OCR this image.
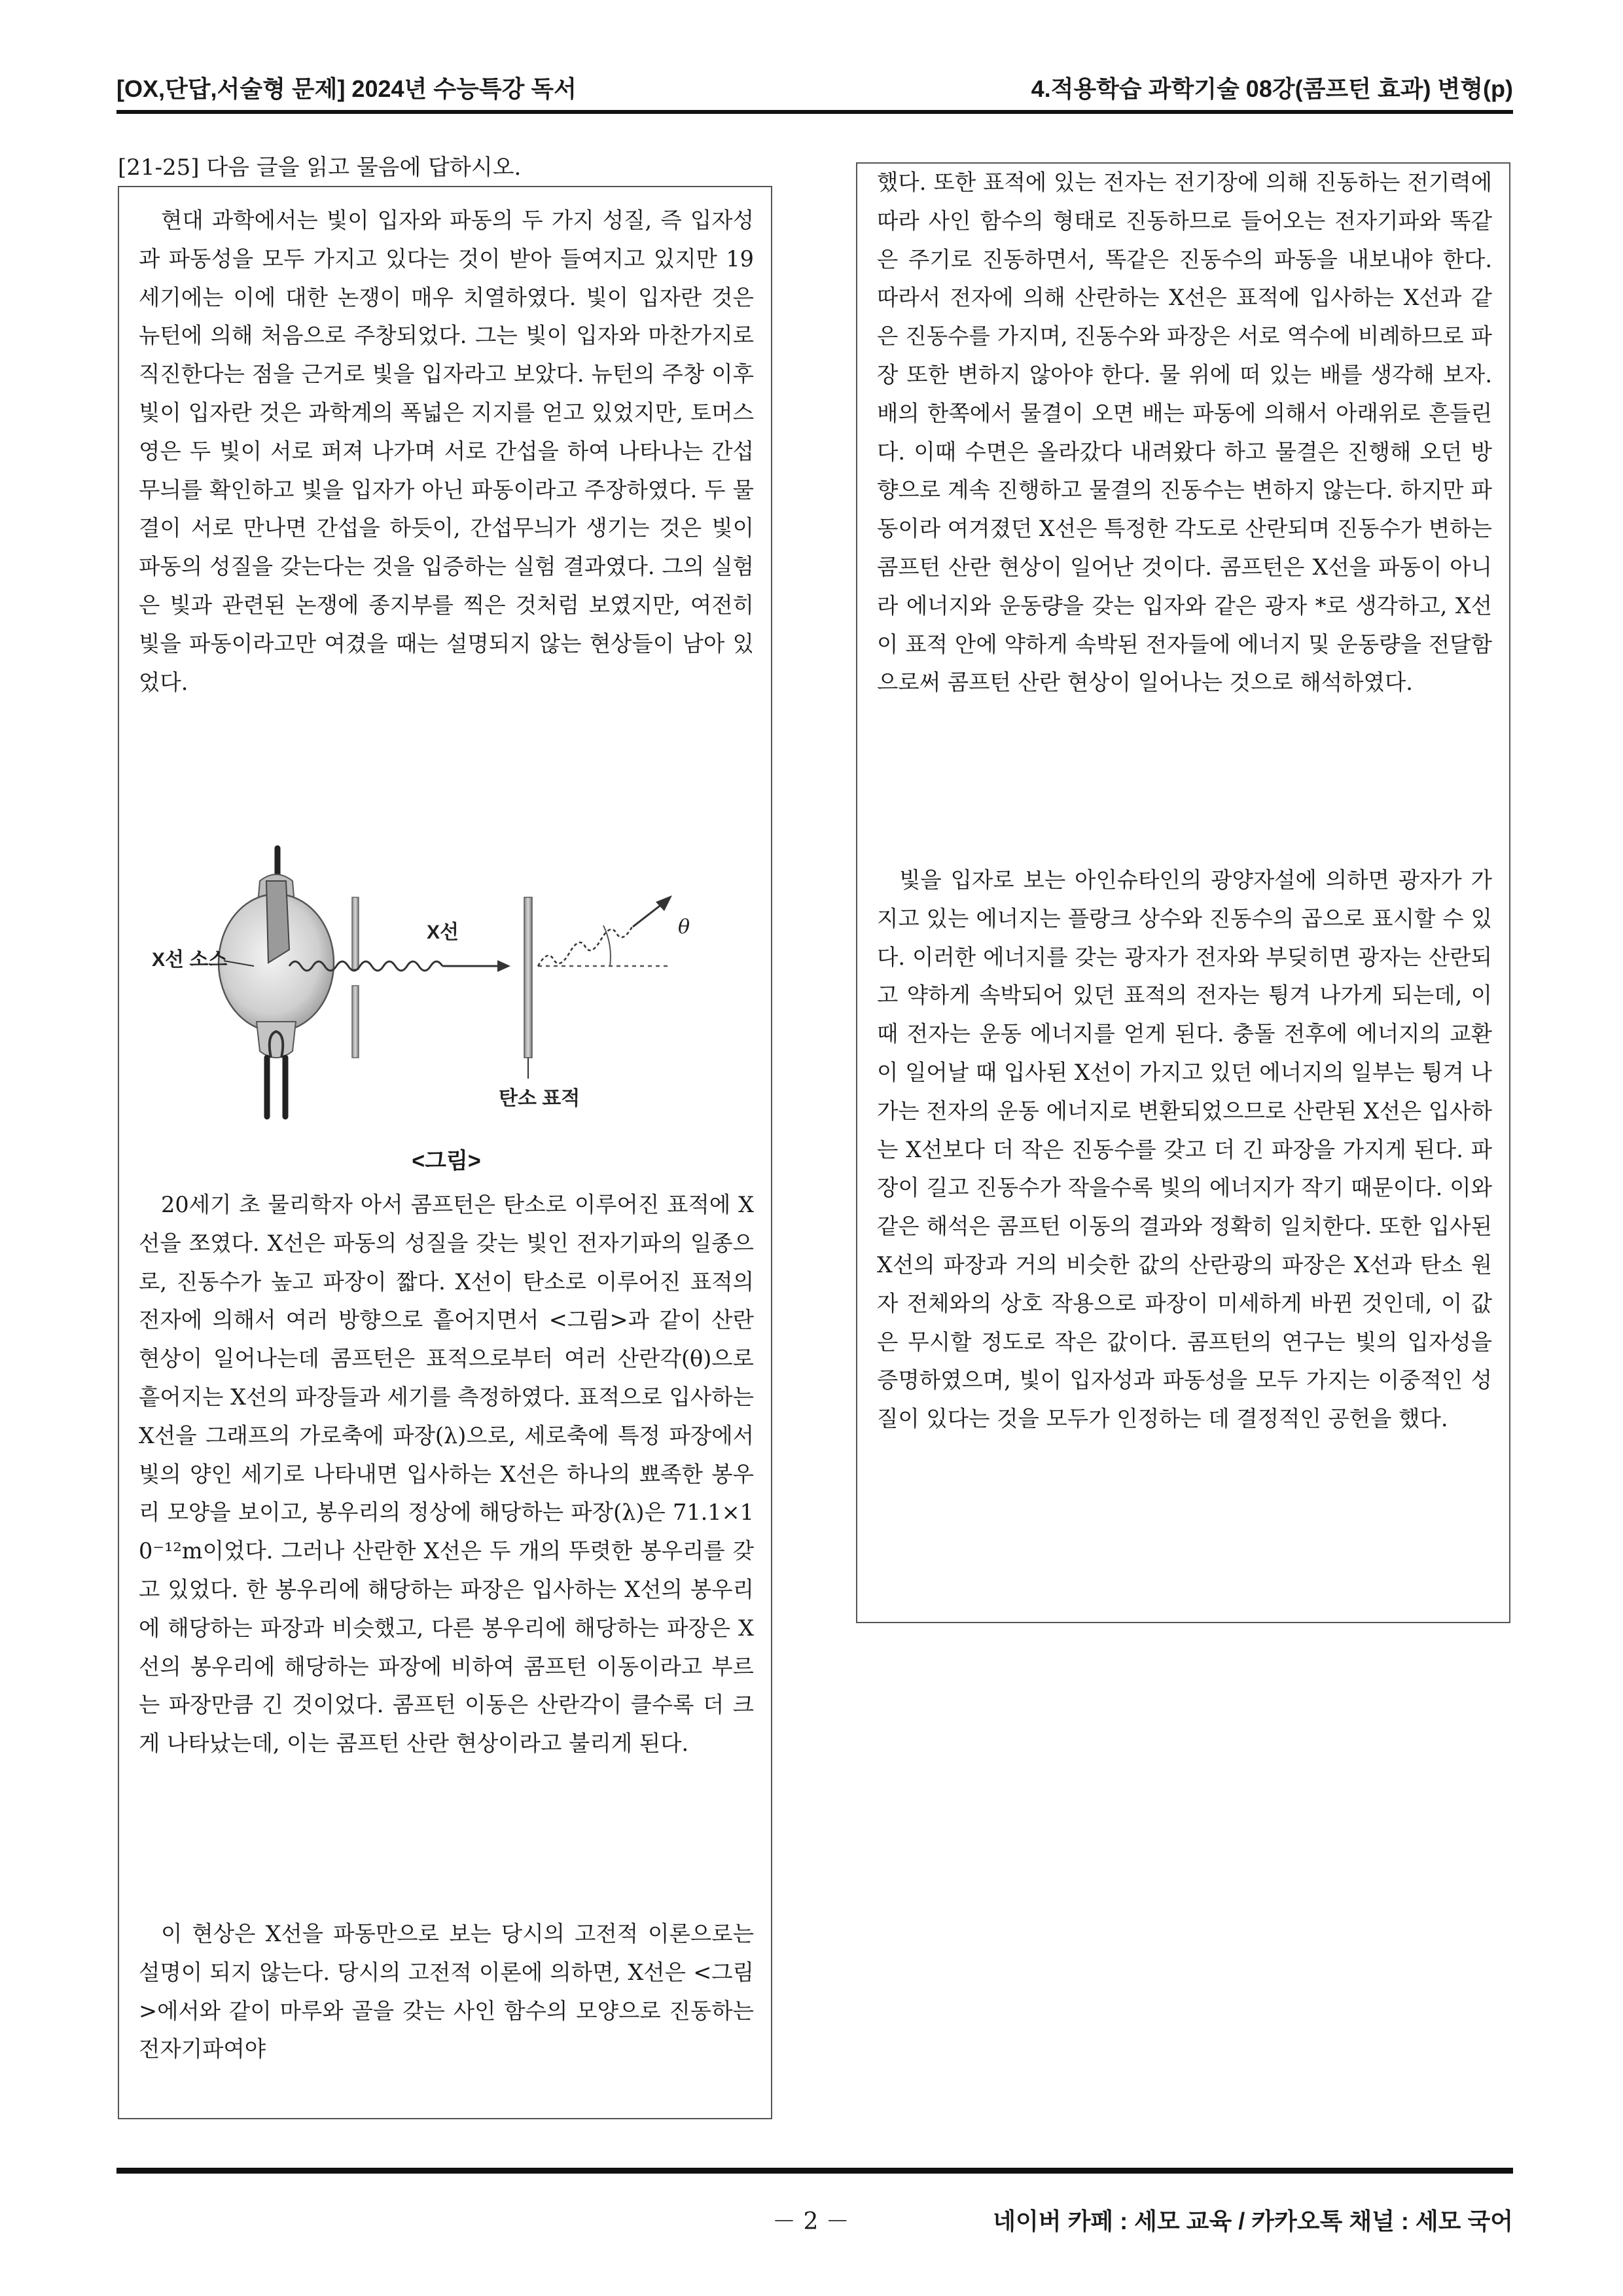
[OX,단답,서술형 문제] 2024년 수능특강 독서	4.적용학습 과학기술 08강(콤프턴 효과) 변형(p)
[21-25] 다음 글을 읽고 물음에 답하시오.

현대 과학에서는 빛이 입자와 파동의 두 가지 성질, 즉 입자성과 파동성을 모두 가지고 있다는 것이 받아 들여지고 있지만 19세기에는 이에 대한 논쟁이 매우 치열하였다. 빛이 입자란 것은 뉴턴에 의해 처음으로 주창되었다. 그는 빛이 입자와 마찬가지로 직진한다는 점을 근거로 빛을 입자라고 보았다. 뉴턴의 주창 이후 빛이 입자란 것은 과학계의 폭넓은 지지를 얻고 있었지만, 토머스 영은 두 빛이 서로 퍼져 나가며 서로 간섭을 하여 나타나는 간섭무늬를 확인하고 빛을 입자가 아닌 파동이라고 주장하였다. 두 물결이 서로 만나면 간섭을 하듯이, 간섭무늬가 생기는 것은 빛이 파동의 성질을 갖는다는 것을 입증하는 실험 결과였다. 그의 실험은 빛과 관련된 논쟁에 종지부를 찍은 것처럼 보였지만, 여전히 빛을 파동이라고만 여겼을 때는 설명되지 않는 현상들이 남아 있었다.

X선 소스
X선
탄소 표적
θ
<그림>

20세기 초 물리학자 아서 콤프턴은 탄소로 이루어진 표적에 X선을 쪼였다. X선은 파동의 성질을 갖는 빛인 전자기파의 일종으로, 진동수가 높고 파장이 짧다. X선이 탄소로 이루어진 표적의 전자에 의해서 여러 방향으로 흩어지면서 <그림>과 같이 산란 현상이 일어나는데 콤프턴은 표적으로부터 여러 산란각(θ)으로 흩어지는 X선의 파장들과 세기를 측정하였다. 표적으로 입사하는 X선을 그래프의 가로축에 파장(λ)으로, 세로축에 특정 파장에서 빛의 양인 세기로 나타내면 입사하는 X선은 하나의 뾰족한 봉우리 모양을 보이고, 봉우리의 정상에 해당하는 파장(λ)은 71.1×10⁻¹²m이었다. 그러나 산란한 X선은 두 개의 뚜렷한 봉우리를 갖고 있었다. 한 봉우리에 해당하는 파장은 입사하는 X선의 봉우리에 해당하는 파장과 비슷했고, 다른 봉우리에 해당하는 파장은 X선의 봉우리에 해당하는 파장에 비하여 콤프턴 이동이라고 부르는 파장만큼 긴 것이었다. 콤프턴 이동은 산란각이 클수록 더 크게 나타났는데, 이는 콤프턴 산란 현상이라고 불리게 된다.

이 현상은 X선을 파동만으로 보는 당시의 고전적 이론으로는 설명이 되지 않는다. 당시의 고전적 이론에 의하면, X선은 <그림>에서와 같이 마루와 골을 갖는 사인 함수의 모양으로 진동하는 전자기파여야

했다. 또한 표적에 있는 전자는 전기장에 의해 진동하는 전기력에 따라 사인 함수의 형태로 진동하므로 들어오는 전자기파와 똑같은 주기로 진동하면서, 똑같은 진동수의 파동을 내보내야 한다. 따라서 전자에 의해 산란하는 X선은 표적에 입사하는 X선과 같은 진동수를 가지며, 진동수와 파장은 서로 역수에 비례하므로 파장 또한 변하지 않아야 한다. 물 위에 떠 있는 배를 생각해 보자. 배의 한쪽에서 물결이 오면 배는 파동에 의해서 아래위로 흔들린다. 이때 수면은 올라갔다 내려왔다 하고 물결은 진행해 오던 방향으로 계속 진행하고 물결의 진동수는 변하지 않는다. 하지만 파동이라 여겨졌던 X선은 특정한 각도로 산란되며 진동수가 변하는 콤프턴 산란 현상이 일어난 것이다. 콤프턴은 X선을 파동이 아니라 에너지와 운동량을 갖는 입자와 같은 광자 *로 생각하고, X선이 표적 안에 약하게 속박된 전자들에 에너지 및 운동량을 전달함으로써 콤프턴 산란 현상이 일어나는 것으로 해석하였다.

빛을 입자로 보는 아인슈타인의 광양자설에 의하면 광자가 가지고 있는 에너지는 플랑크 상수와 진동수의 곱으로 표시할 수 있다. 이러한 에너지를 갖는 광자가 전자와 부딪히면 광자는 산란되고 약하게 속박되어 있던 표적의 전자는 튕겨 나가게 되는데, 이때 전자는 운동 에너지를 얻게 된다. 충돌 전후에 에너지의 교환이 일어날 때 입사된 X선이 가지고 있던 에너지의 일부는 튕겨 나가는 전자의 운동 에너지로 변환되었으므로 산란된 X선은 입사하는 X선보다 더 작은 진동수를 갖고 더 긴 파장을 가지게 된다. 파장이 길고 진동수가 작을수록 빛의 에너지가 작기 때문이다. 이와 같은 해석은 콤프턴 이동의 결과와 정확히 일치한다. 또한 입사된 X선의 파장과 거의 비슷한 값의 산란광의 파장은 X선과 탄소 원자 전체와의 상호 작용으로 파장이 미세하게 바뀐 것인데, 이 값은 무시할 정도로 작은 값이다. 콤프턴의 연구는 빛의 입자성을 증명하였으며, 빛이 입자성과 파동성을 모두 가지는 이중적인 성질이 있다는 것을 모두가 인정하는 데 결정적인 공헌을 했다.

－ 2 －	네이버 카페 : 세모 교육 / 카카오톡 채널 : 세모 국어
